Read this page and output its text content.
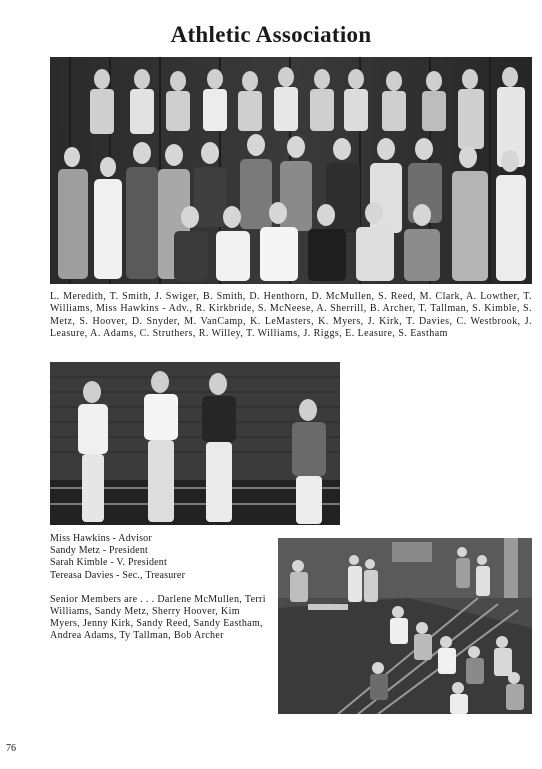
Athletic Association
L. Meredith, T. Smith, J. Swiger, B. Smith, D. Henthorn, D. McMullen, S. Reed, M. Clark, A. Lowther, T. Williams, Miss Hawkins - Adv., R. Kirkbride, S. McNeese, A. Sherrill, B. Archer, T. Tallman, S. Kimble, S. Metz, S. Hoover, D. Snyder, M. VanCamp, K. LeMasters, K. Myers, J. Kirk, T. Davies, C. Westbrook, J. Leasure, A. Adams, C. Struthers, R. Willey, T. Williams, J. Riggs, E. Leasure, S. Eastham
Miss Hawkins - Advisor
Sandy Metz - President
Sarah Kimble - V. President
Tereasa Davies - Sec., Treasurer
Senior Members are . . . Darlene McMullen, Terri Williams, Sandy Metz, Sherry Hoover, Kim Myers, Jenny Kirk, Sandy Reed, Sandy Eastham, Andrea Adams, Ty Tallman, Bob Archer
76
